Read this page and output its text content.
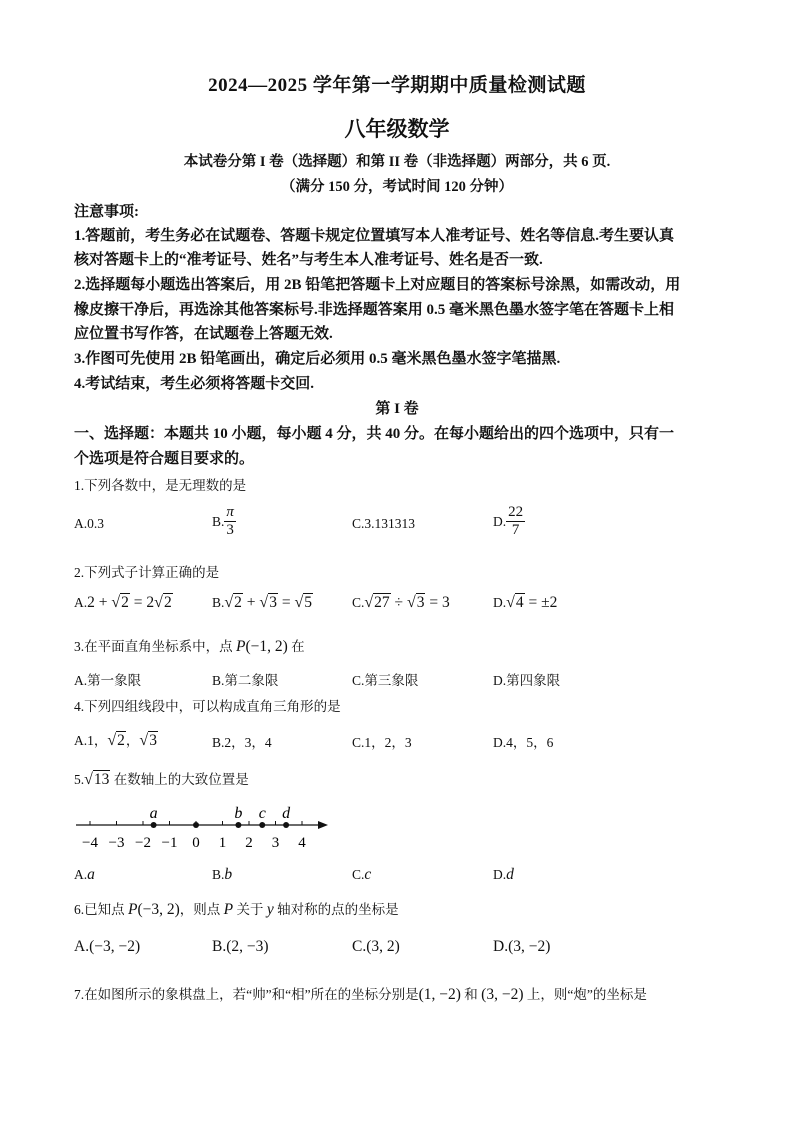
2024—2025 学年第一学期期中质量检测试题
八年级数学
本试卷分第 I 卷（选择题）和第 II 卷（非选择题）两部分，共 6 页.
（满分 150 分，考试时间 120 分钟）
注意事项:
1.答题前，考生务必在试题卷、答题卡规定位置填写本人准考证号、姓名等信息.考生要认真
核对答题卡上的“准考证号、姓名”与考生本人准考证号、姓名是否一致.
2.选择题每小题选出答案后，用 2B 铅笔把答题卡上对应题目的答案标号涂黑，如需改动，用
橡皮擦干净后，再选涂其他答案标号.非选择题答案用 0.5 毫米黑色墨水签字笔在答题卡上相
应位置书写作答，在试题卷上答题无效.
3.作图可先使用 2B 铅笔画出，确定后必须用 0.5 毫米黑色墨水签字笔描黑.
4.考试结束，考生必须将答题卡交回.
第 I 卷
一、选择题：本题共 10 小题，每小题 4 分，共 40 分。在每小题给出的四个选项中，只有一
个选项是符合题目要求的。
1.下列各数中，是无理数的是
A.0.3	B. $\frac{\pi}{3}$	C.3.131313	D. $\frac{22}{7}$
2.下列式子计算正确的是
A.2 + √2 = 2√2	B.√2 + √3 = √5	C.√27 ÷ √3 = 3	D.√4 = ±2
3.在平面直角坐标系中，点 P(−1, 2) 在
A.第一象限	B.第二象限	C.第三象限	D.第四象限
4.下列四组线段中，可以构成直角三角形的是
A.1，√2，√3	B.2，3，4	C.1，2，3	D.4，5，6
5.√13 在数轴上的大致位置是
−4 −3 −2 −1 0 1 2 3 4
a	b c d
A.a	B.b	C.c	D.d
6.已知点 P(−3, 2)，则点 P 关于 y 轴对称的点的坐标是
A.(−3, −2)	B.(2, −3)	C.(3, 2)	D.(3, −2)
7.在如图所示的象棋盘上，若“帅”和“相”所在的坐标分别是(1, −2) 和 (3, −2) 上，则“炮”的坐标是
